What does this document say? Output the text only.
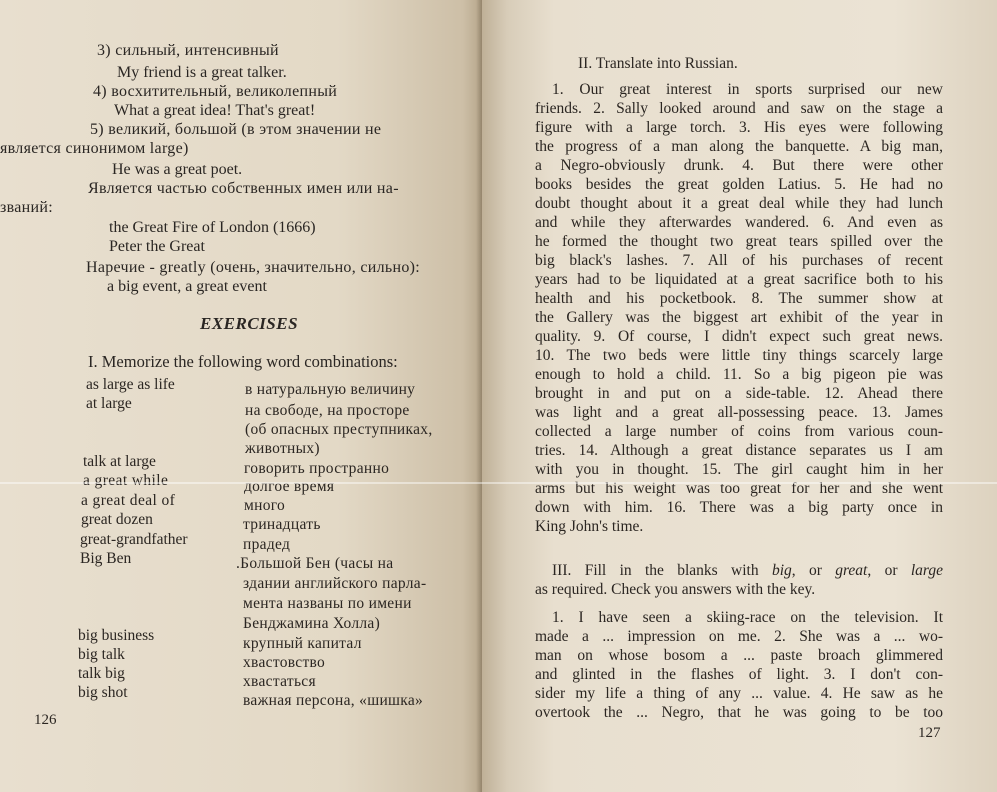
3) сильный, интенсивный
My friend is a great talker.
4) восхитительный, великолепный
What a great idea! That's great!
5) великий, большой (в этом значении не
является синонимом large)
He was a great poet.
Является частью собственных имен или на-
званий:
the Great Fire of London (1666)
Peter the Great
Наречие - greatly (очень, значительно, сильно):
a big event, a great event
EXERCISES
I. Memorize the following word combinations:
as large as life	в натуральную величину
at large	на свободе, на просторе
(об опасных преступниках,
животных)
talk at large	говорить пространно
a great while	долгое время
a great deal of	много
great dozen	тринадцать
great-grandfather	прадед
Big Ben	.Большой Бен (часы на
здании английского парла-
мента названы по имени
Бенджамина Холла)
big business	крупный капитал
big talk	хвастовство
talk big	хвастаться
big shot	важная персона, «шишка»
126
II. Translate into Russian.
1. Our great interest in sports surprised our new
friends. 2. Sally looked around and saw on the stage a
figure with a large torch. 3. His eyes were following
the progress of a man along the banquette. A big man,
a Negro-obviously drunk. 4. But there were other
books besides the great golden Latius. 5. He had no
doubt thought about it a great deal while they had lunch
and while they afterwardes wandered. 6. And even as
he formed the thought two great tears spilled over the
big black's lashes. 7. All of his purchases of recent
years had to be liquidated at a great sacrifice both to his
health and his pocketbook. 8. The summer show at
the Gallery was the biggest art exhibit of the year in
quality. 9. Of course, I didn't expect such great news.
10. The two beds were little tiny things scarcely large
enough to hold a child. 11. So a big pigeon pie was
brought in and put on a side-table. 12. Ahead there
was light and a great all-possessing peace. 13. James
collected a large number of coins from various coun-
tries. 14. Although a great distance separates us I am
with you in thought. 15. The girl caught him in her
arms but his weight was too great for her and she went
down with him. 16. There was a big party once in
King John's time.
III. Fill in the blanks with big, or great, or large
as required. Check you answers with the key.
1. I have seen a skiing-race on the television. It
made a ... impression on me. 2. She was a ... wo-
man on whose bosom a ... paste broach glimmered
and glinted in the flashes of light. 3. I don't con-
sider my life a thing of any ... value. 4. He saw as he
overtook the ... Negro, that he was going to be too
127
